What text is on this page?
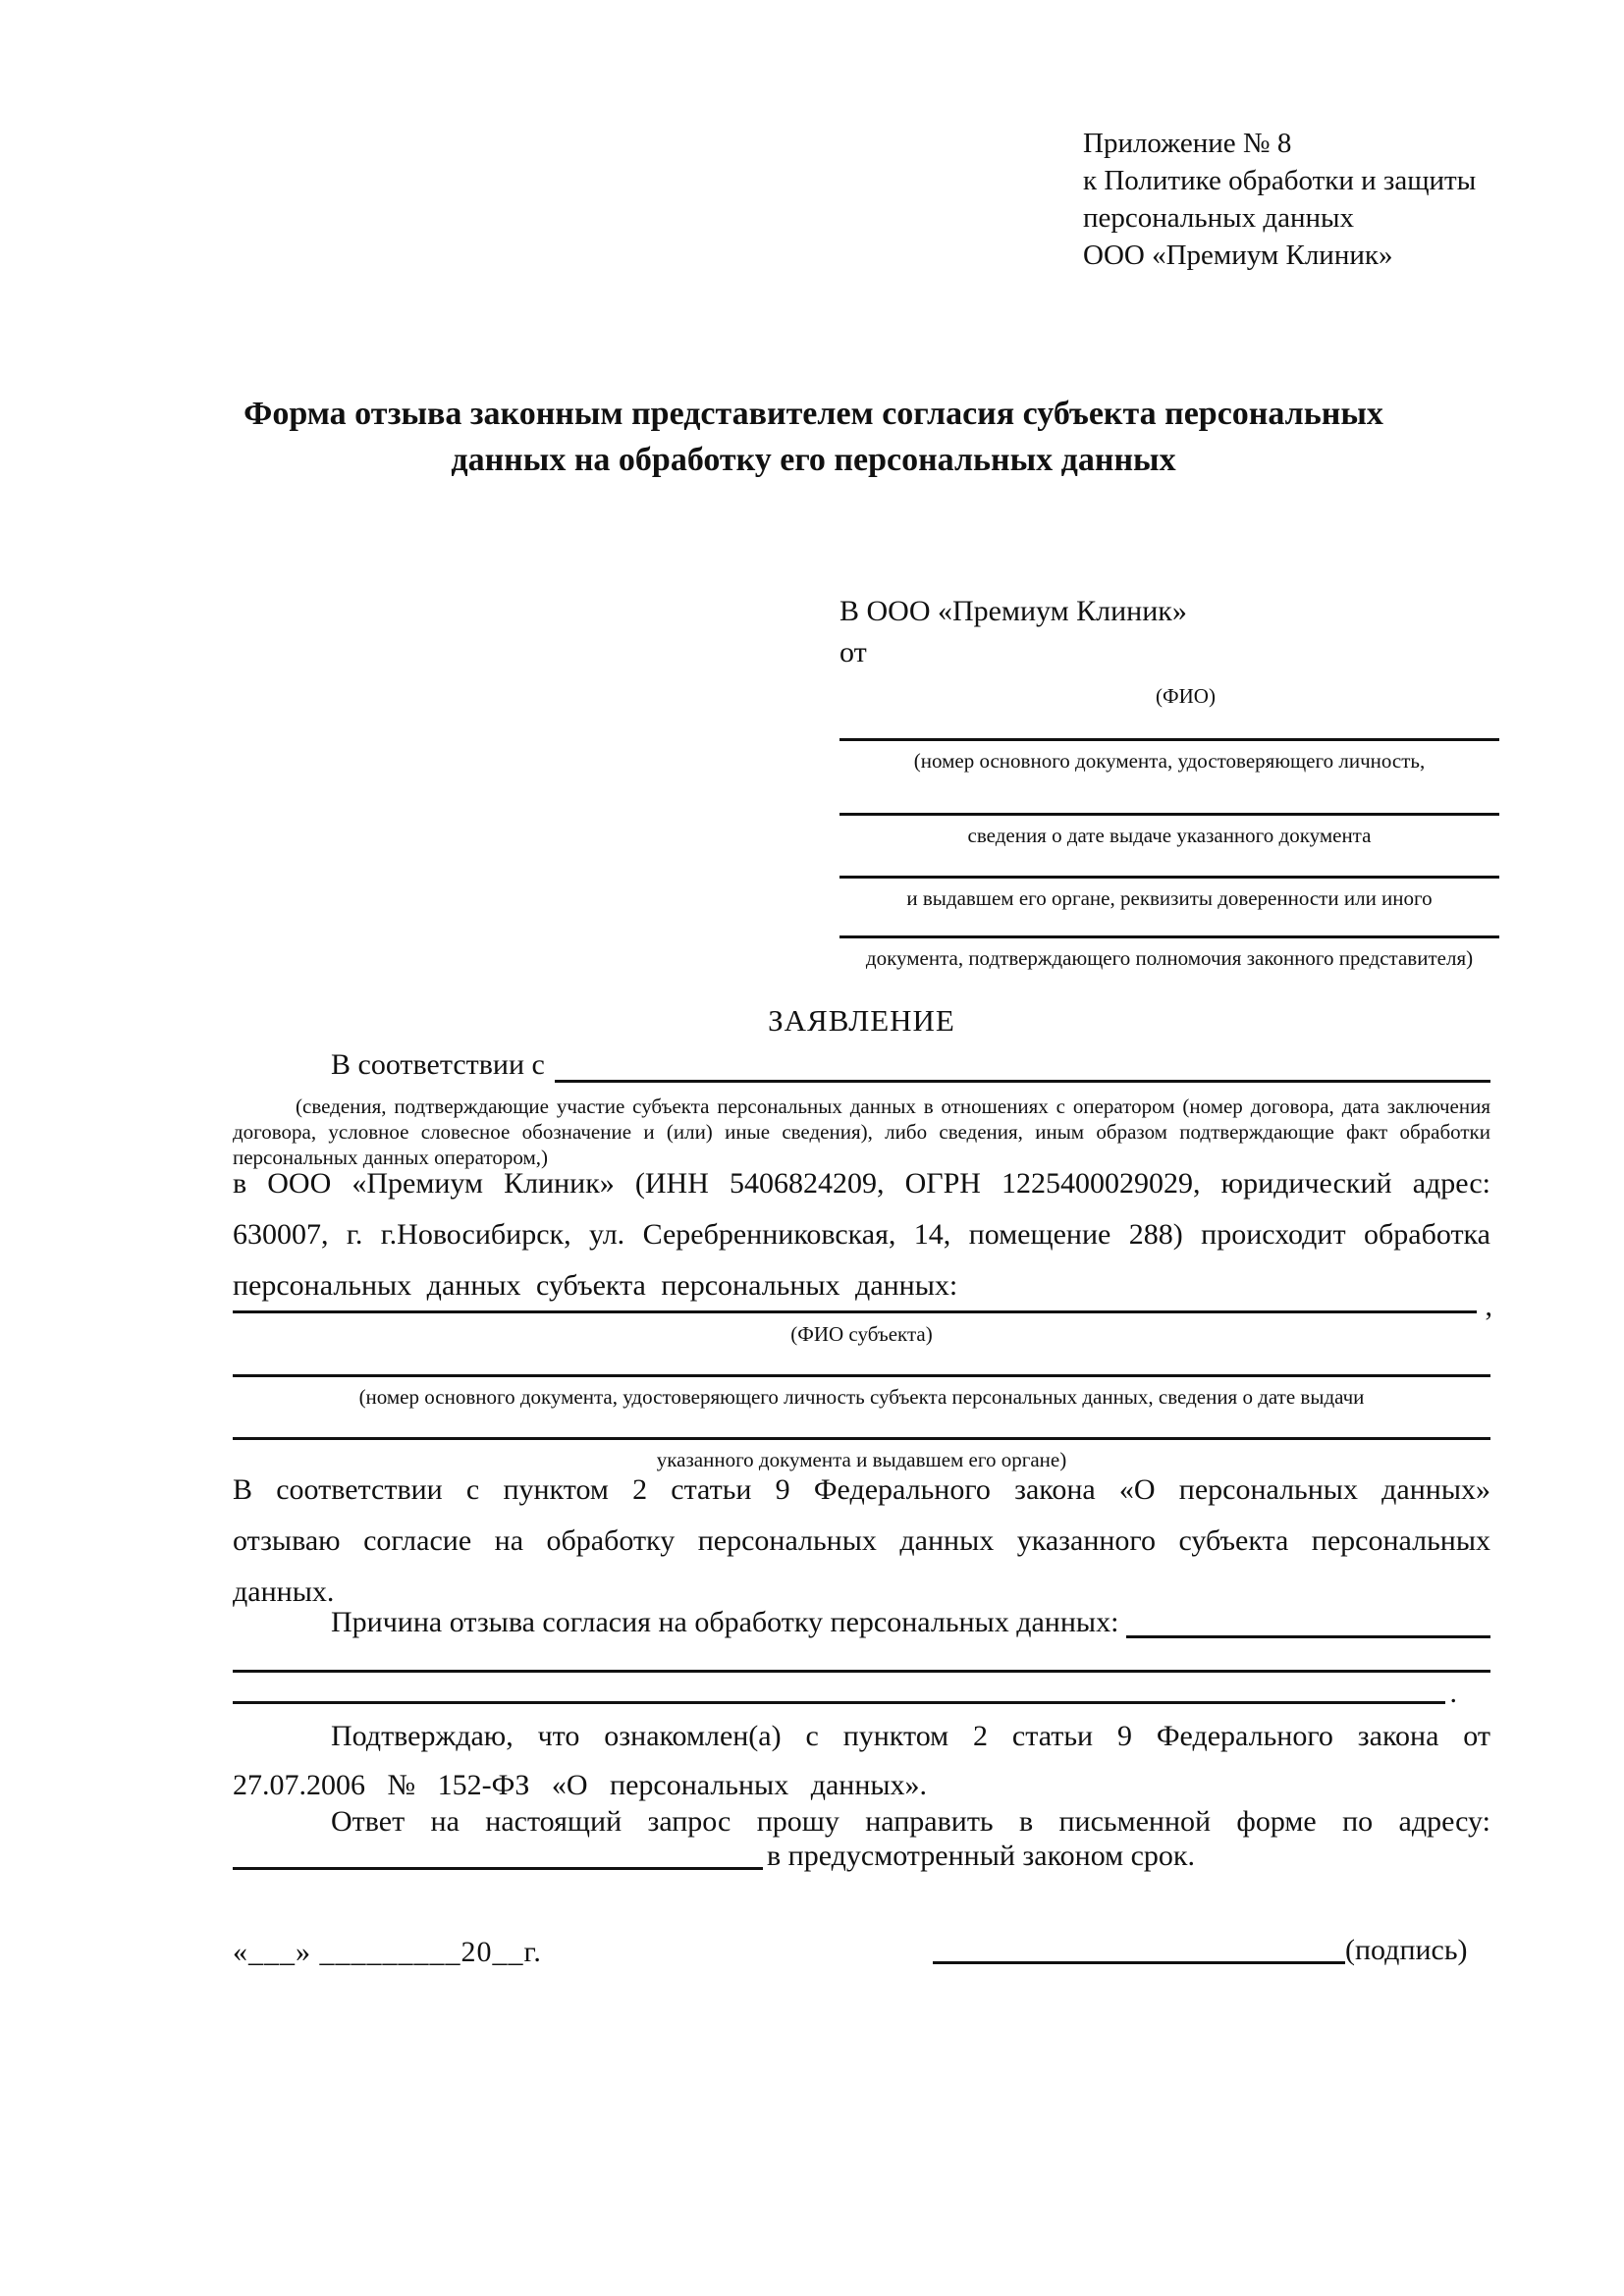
Приложение № 8
к Политике обработки и защиты
персональных данных
ООО «Премиум Клиник»
Форма отзыва законным представителем согласия субъекта персональных данных на обработку его персональных данных
В ООО «Премиум Клиник»
от
(ФИО)
(номер основного документа, удостоверяющего личность,
сведения о дате выдаче указанного документа
и выдавшем его органе, реквизиты доверенности или иного
документа, подтверждающего полномочия законного представителя)
ЗАЯВЛЕНИЕ
В соответствии с
(сведения, подтверждающие участие субъекта персональных данных в отношениях с оператором (номер договора, дата заключения договора, условное словесное обозначение и (или) иные сведения), либо сведения, иным образом подтверждающие факт обработки персональных данных оператором,)
в ООО «Премиум Клиник» (ИНН 5406824209, ОГРН 1225400029029, юридический адрес: 630007, г. г.Новосибирск, ул. Серебренниковская, 14, помещение 288) происходит обработка персональных данных субъекта персональных данных:
,
(ФИО субъекта)
(номер основного документа, удостоверяющего личность субъекта персональных данных, сведения о дате выдачи
указанного документа и выдавшем его органе)
В соответствии с пунктом 2 статьи 9 Федерального закона «О персональных данных» отзываю согласие на обработку персональных данных указанного субъекта персональных данных.
Причина отзыва согласия на обработку персональных данных:
.
Подтверждаю, что ознакомлен(а) с пунктом 2 статьи 9 Федерального закона от 27.07.2006 № 152-ФЗ «О персональных данных».
Ответ на настоящий запрос прошу направить в письменной форме по адресу:
в предусмотренный законом срок.
«___» _________20__г.	(подпись)
